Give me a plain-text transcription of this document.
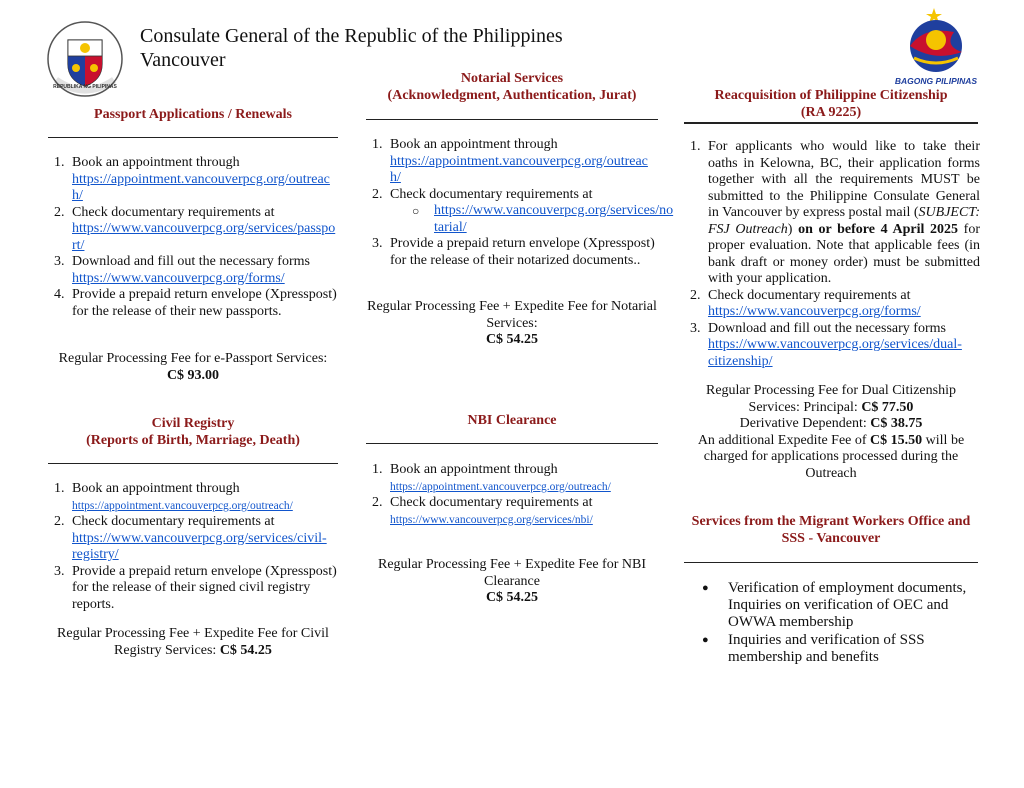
REPUBLIKA NG PILIPINAS
Consulate General of the Republic of the Philippines
Vancouver
BAGONG PILIPINAS
Passport Applications / Renewals
1. Book an appointment through
https://appointment.vancouverpcg.org/outreac h/
2. Check documentary requirements at
https://www.vancouverpcg.org/services/passpo rt/
3. Download and fill out the necessary forms
https://www.vancouverpcg.org/forms/
4. Provide a prepaid return envelope (Xpresspost) for the release of their new passports.
Regular Processing Fee for e-Passport Services:
C$ 93.00
Civil Registry
(Reports of Birth, Marriage, Death)
1. Book an appointment through
https://appointment.vancouverpcg.org/outreach/
2. Check documentary requirements at
https://www.vancouverpcg.org/services/civil-registry/
3. Provide a prepaid return envelope (Xpresspost) for the release of their signed civil registry reports.
Regular Processing Fee + Expedite Fee for Civil Registry Services: C$ 54.25
Notarial Services
(Acknowledgment, Authentication, Jurat)
1. Book an appointment through
https://appointment.vancouverpcg.org/outreac h/
2. Check documentary requirements at
○ https://www.vancouverpcg.org/services/no tarial/
3. Provide a prepaid return envelope (Xpresspost) for the release of their notarized documents..
Regular Processing Fee + Expedite Fee for Notarial Services:
C$ 54.25
NBI Clearance
1. Book an appointment through
https://appointment.vancouverpcg.org/outreach/
2. Check documentary requirements at
https://www.vancouverpcg.org/services/nbi/
Regular Processing Fee + Expedite Fee for NBI Clearance
C$ 54.25
Reacquisition of Philippine Citizenship
(RA 9225)
1. For applicants who would like to take their oaths in Kelowna, BC, their application forms together with all the requirements MUST be submitted to the Philippine Consulate General in Vancouver by express postal mail (SUBJECT: FSJ Outreach) on or before 4 April 2025 for proper evaluation. Note that applicable fees (in bank draft or money order) must be submitted with your application.
2. Check documentary requirements at
https://www.vancouverpcg.org/forms/
3. Download and fill out the necessary forms
https://www.vancouverpcg.org/services/dual-citizenship/
Regular Processing Fee for Dual Citizenship
Services: Principal: C$ 77.50
Derivative Dependent: C$ 38.75
An additional Expedite Fee of C$ 15.50 will be charged for applications processed during the Outreach
Services from the Migrant Workers Office and
SSS - Vancouver
● Verification of employment documents, Inquiries on verification of OEC and OWWA membership
● Inquiries and verification of SSS membership and benefits
